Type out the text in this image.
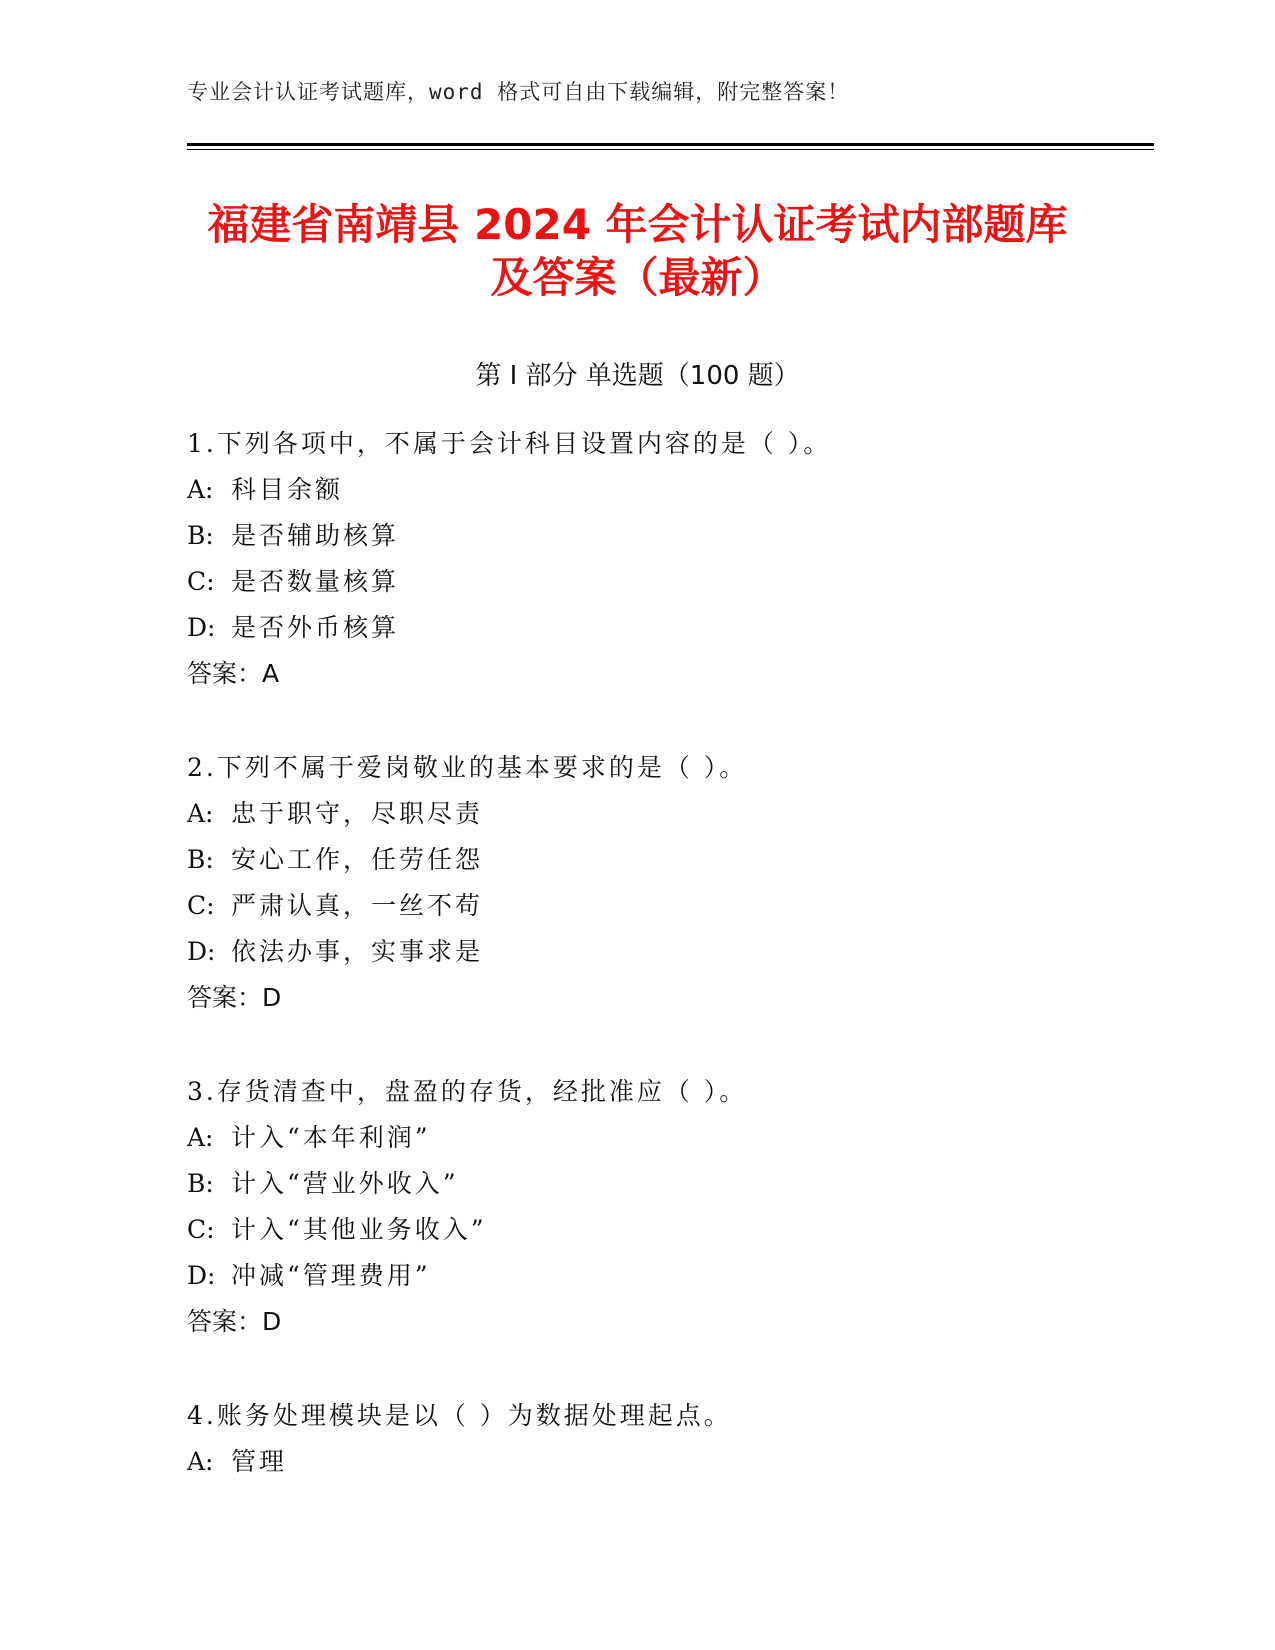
专业会计认证考试题库，word 格式可自由下载编辑，附完整答案！
福建省南靖县 2024 年会计认证考试内部题库
及答案（最新）
第 I 部分 单选题（100 题）
1.下列各项中，不属于会计科目设置内容的是（ ）。
A: 科目余额
B: 是否辅助核算
C: 是否数量核算
D: 是否外币核算
答案：A
2.下列不属于爱岗敬业的基本要求的是（ ）。
A: 忠于职守，尽职尽责
B: 安心工作，任劳任怨
C: 严肃认真，一丝不苟
D: 依法办事，实事求是
答案：D
3.存货清查中，盘盈的存货，经批准应（ ）。
A: 计入“本年利润”
B: 计入“营业外收入”
C: 计入“其他业务收入”
D: 冲减“管理费用”
答案：D
4.账务处理模块是以（ ）为数据处理起点。
A: 管理
